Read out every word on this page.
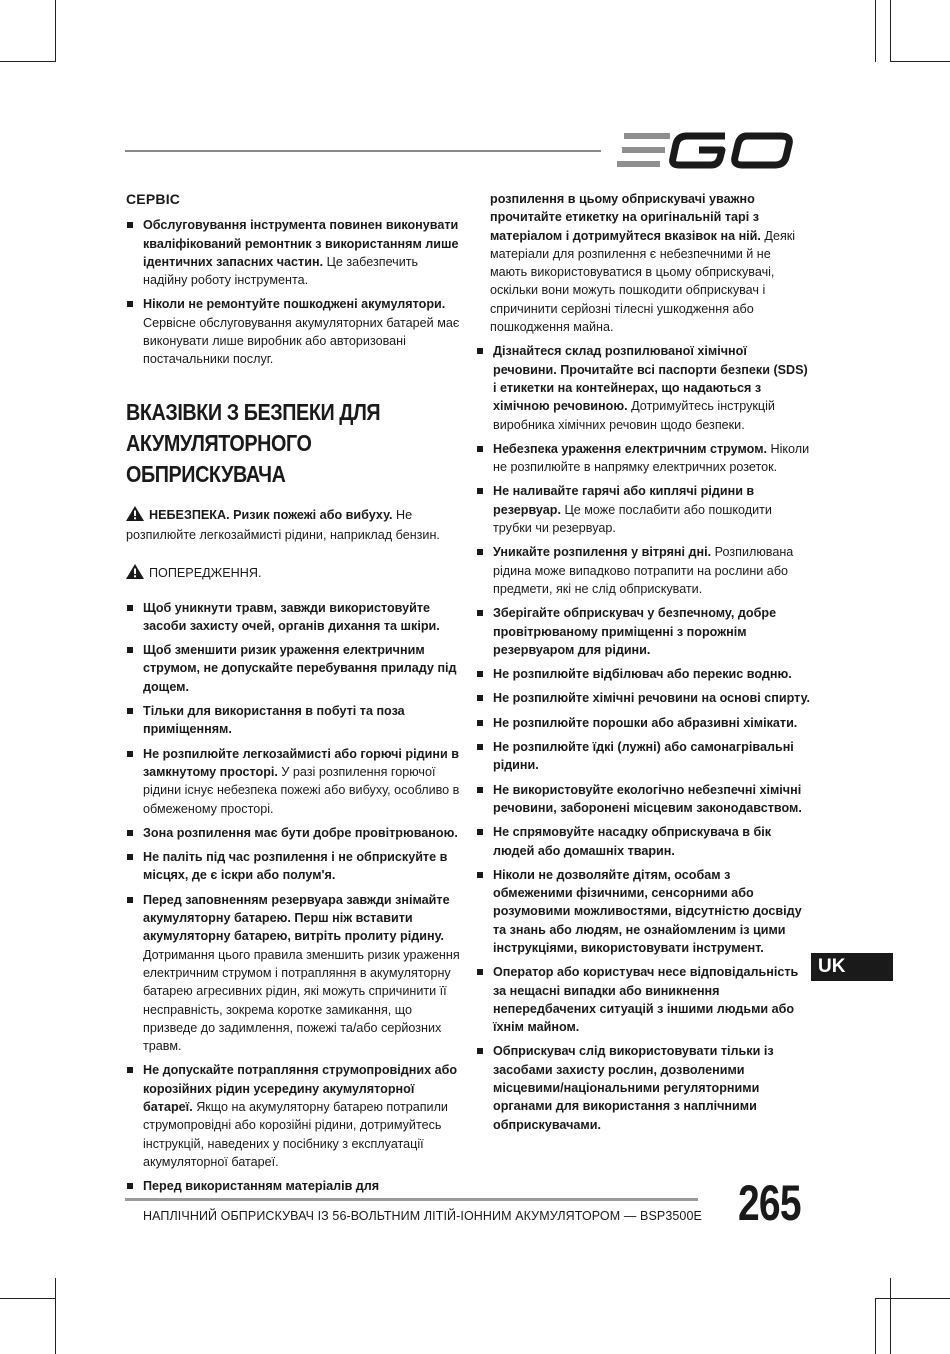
СЕРВІС
Обслуговування інструмента повинен виконувати кваліфікований ремонтник з використанням лише ідентичних запасних частин. Це забезпечить надійну роботу інструмента.
Ніколи не ремонтуйте пошкоджені акумулятори. Сервісне обслуговування акумуляторних батарей має виконувати лише виробник або авторизовані постачальники послуг.
ВКАЗІВКИ З БЕЗПЕКИ ДЛЯ АКУМУЛЯТОРНОГО ОБПРИСКУВАЧА
НЕБЕЗПЕКА. Ризик пожежі або вибуху. Не розпилюйте легкозаймисті рідини, наприклад бензин.
ПОПЕРЕДЖЕННЯ.
Щоб уникнути травм, завжди використовуйте засоби захисту очей, органів дихання та шкіри.
Щоб зменшити ризик ураження електричним струмом, не допускайте перебування приладу під дощем.
Тільки для використання в побуті та поза приміщенням.
Не розпилюйте легкозаймисті або горючі рідини в замкнутому просторі. У разі розпилення горючої рідини існує небезпека пожежі або вибуху, особливо в обмеженому просторі.
Зона розпилення має бути добре провітрюваною.
Не паліть під час розпилення і не обприскуйте в місцях, де є іскри або полум'я.
Перед заповненням резервуара завжди знімайте акумуляторну батарею. Перш ніж вставити акумуляторну батарею, витріть пролиту рідину. Дотримання цього правила зменшить ризик ураження електричним струмом і потрапляння в акумуляторну батарею агресивних рідин, які можуть спричинити її несправність, зокрема коротке замикання, що призведе до задимлення, пожежі та/або серйозних травм.
Не допускайте потрапляння струмопровідних або корозійних рідин усередину акумуляторної батареї. Якщо на акумуляторну батарею потрапили струмопровідні або корозійні рідини, дотримуйтесь інструкцій, наведених у посібнику з експлуатації акумуляторної батареї.
Перед використанням матеріалів для
розпилення в цьому обприскувачі уважно прочитайте етикетку на оригінальній тарі з матеріалом і дотримуйтеся вказівок на ній. Деякі матеріали для розпилення є небезпечними й не мають використовуватися в цьому обприскувачі, оскільки вони можуть пошкодити обприскувач і спричинити серйозні тілесні ушкодження або пошкодження майна.
Дізнайтеся склад розпилюваної хімічної речовини. Прочитайте всі паспорти безпеки (SDS) і етикетки на контейнерах, що надаються з хімічною речовиною. Дотримуйтесь інструкцій виробника хімічних речовин щодо безпеки.
Небезпека ураження електричним струмом. Ніколи не розпилюйте в напрямку електричних розеток.
Не наливайте гарячі або киплячі рідини в резервуар. Це може послабити або пошкодити трубки чи резервуар.
Уникайте розпилення у вітряні дні. Розпилювана рідина може випадково потрапити на рослини або предмети, які не слід обприскувати.
Зберігайте обприскувач у безпечному, добре провітрюваному приміщенні з порожнім резервуаром для рідини.
Не розпилюйте відбілювач або перекис водню.
Не розпилюйте хімічні речовини на основі спирту.
Не розпилюйте порошки або абразивні хімікати.
Не розпилюйте їдкі (лужні) або самонагрівальні рідини.
Не використовуйте екологічно небезпечні хімічні речовини, заборонені місцевим законодавством.
Не спрямовуйте насадку обприскувача в бік людей або домашніх тварин.
Ніколи не дозволяйте дітям, особам з обмеженими фізичними, сенсорними або розумовими можливостями, відсутністю досвіду та знань або людям, не ознайомленим із цими інструкціями, використовувати інструмент.
Оператор або користувач несе відповідальність за нещасні випадки або виникнення непередбачених ситуацій з іншими людьми або їхнім майном.
Обприскувач слід використовувати тільки із засобами захисту рослин, дозволеними місцевими/національними регуляторними органами для використання з наплічними обприскувачами.
UK
НАПЛІЧНИЙ ОБПРИСКУВАЧ ІЗ 56-ВОЛЬТНИМ ЛІТІЙ-ІОННИМ АКУМУЛЯТОРОМ — BSP3500E 265
